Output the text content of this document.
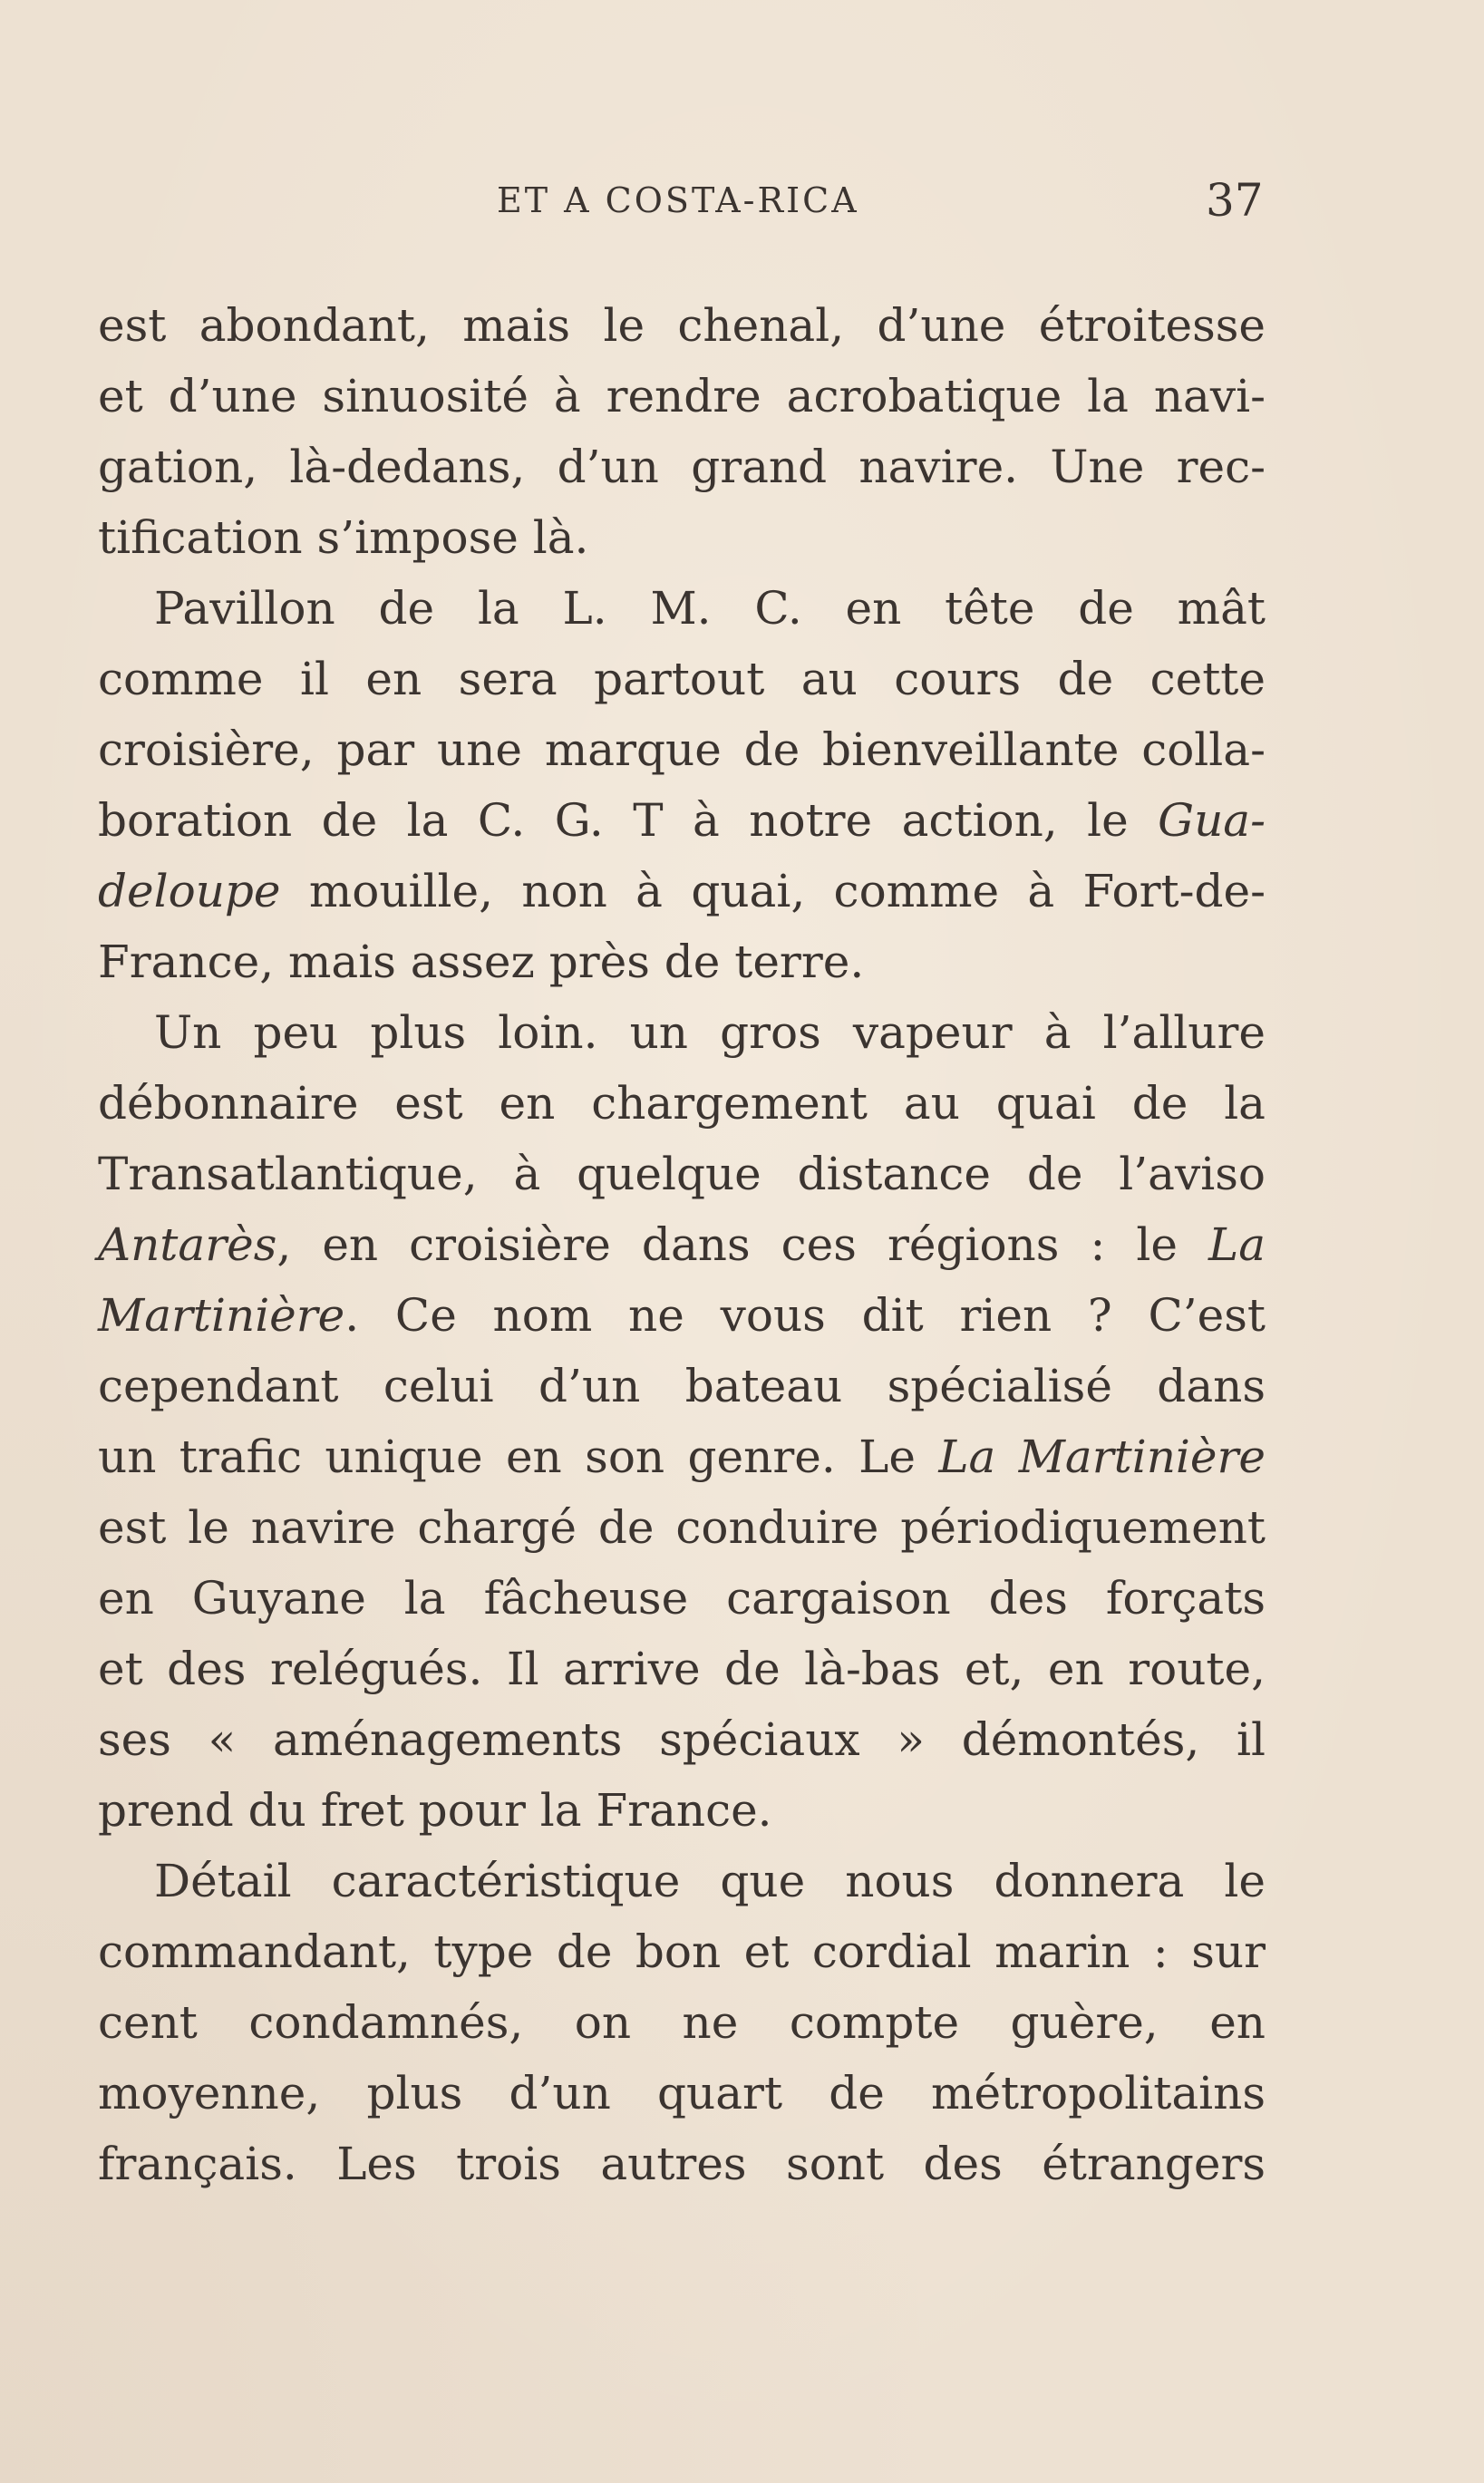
ET A COSTA-RICA	37
est abondant, mais le chenal, d’une étroitesse
et d’une sinuosité à rendre acrobatique la navi-
gation, là-dedans, d’un grand navire. Une rec-
tification s’impose là.
Pavillon de la L. M. C. en tête de mât
comme il en sera partout au cours de cette
croisière, par une marque de bienveillante colla-
boration de la C. G. T à notre action, le Gua-
deloupe mouille, non à quai, comme à Fort-de-
France, mais assez près de terre.
Un peu plus loin. un gros vapeur à l’allure
débonnaire est en chargement au quai de la
Transatlantique, à quelque distance de l’aviso
Antarès, en croisière dans ces régions : le La
Martinière. Ce nom ne vous dit rien ? C’est
cependant celui d’un bateau spécialisé dans
un trafic unique en son genre. Le La Martinière
est le navire chargé de conduire périodiquement
en Guyane la fâcheuse cargaison des forçats
et des relégués. Il arrive de là-bas et, en route,
ses « aménagements spéciaux » démontés, il
prend du fret pour la France.
Détail caractéristique que nous donnera le
commandant, type de bon et cordial marin : sur
cent condamnés, on ne compte guère, en
moyenne, plus d’un quart de métropolitains
français. Les trois autres sont des étrangers
